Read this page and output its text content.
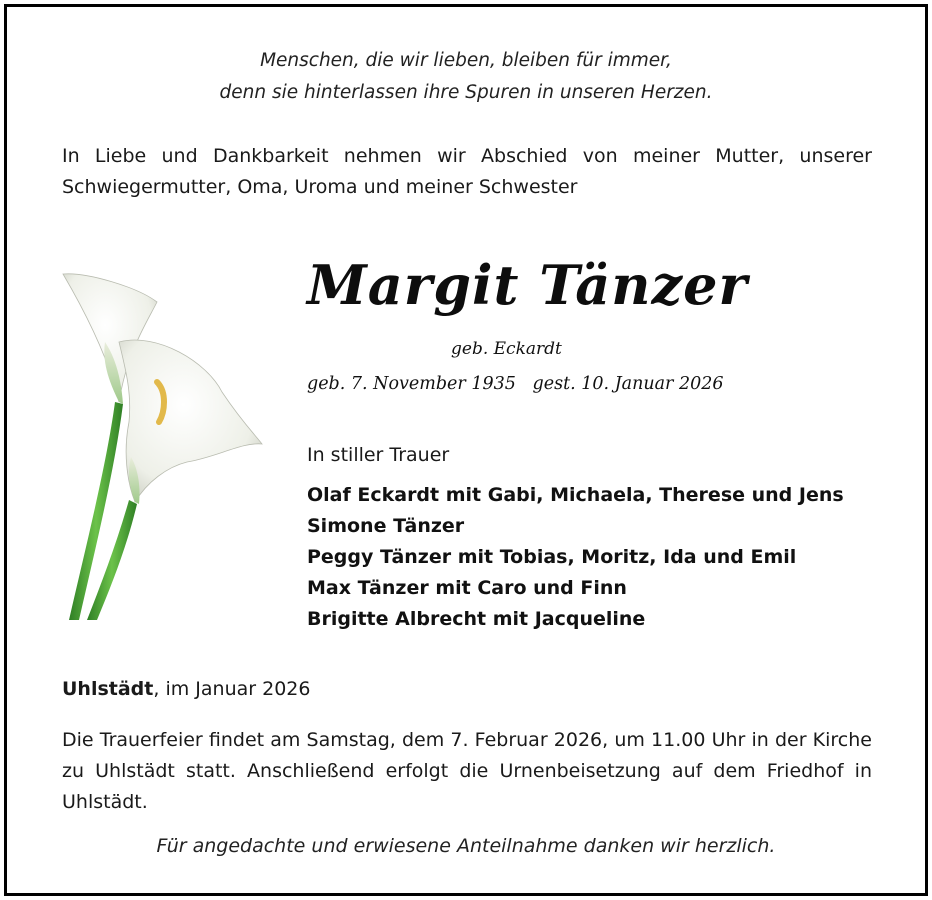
Menschen, die wir lieben, bleiben für immer,
denn sie hinterlassen ihre Spuren in unseren Herzen.
In Liebe und Dankbarkeit nehmen wir Abschied von meiner Mutter, unserer Schwiegermutter, Oma, Uroma und meiner Schwester
Margit Tänzer
geb. Eckardt
geb. 7. November 1935   gest. 10. Januar 2026
In stiller Trauer
Olaf Eckardt mit Gabi, Michaela, Therese und Jens
Simone Tänzer
Peggy Tänzer mit Tobias, Moritz, Ida und Emil
Max Tänzer mit Caro und Finn
Brigitte Albrecht mit Jacqueline
Uhlstädt, im Januar 2026
Die Trauerfeier findet am Samstag, dem 7. Februar 2026, um 11.00 Uhr in der Kirche zu Uhlstädt statt. Anschließend erfolgt die Urnenbeisetzung auf dem Friedhof in Uhlstädt.
Für angedachte und erwiesene Anteilnahme danken wir herzlich.
